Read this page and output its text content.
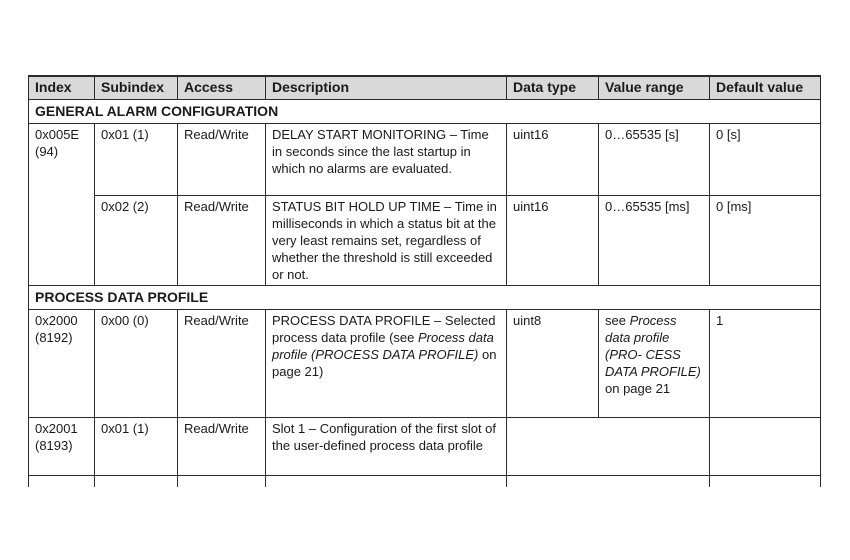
Index	Subindex	Access	Description	Data type	Value range	Default value
GENERAL ALARM CONFIGURATION						
0x005E (94)	0x01 (1)	Read/Write	DELAY START MONITORING – Time in seconds since the last startup in which no alarms are evaluated.	uint16	0…65535 [s]	0 [s]
	0x02 (2)	Read/Write	STATUS BIT HOLD UP TIME – Time in milliseconds in which a status bit at the very least remains set, regardless of whether the threshold is still exceeded or not.	uint16	0…65535 [ms]	0 [ms]
PROCESS DATA PROFILE						
0x2000 (8192)	0x00 (0)	Read/Write	PROCESS DATA PROFILE – Selected process data profile (see Process data profile (PROCESS DATA PROFILE) on page 21)	uint8	see Process data profile (PRO- CESS DATA PROFILE) on page 21	1
0x2001 (8193)	0x01 (1)	Read/Write	Slot 1 – Configuration of the first slot of the user-defined process data profile			
